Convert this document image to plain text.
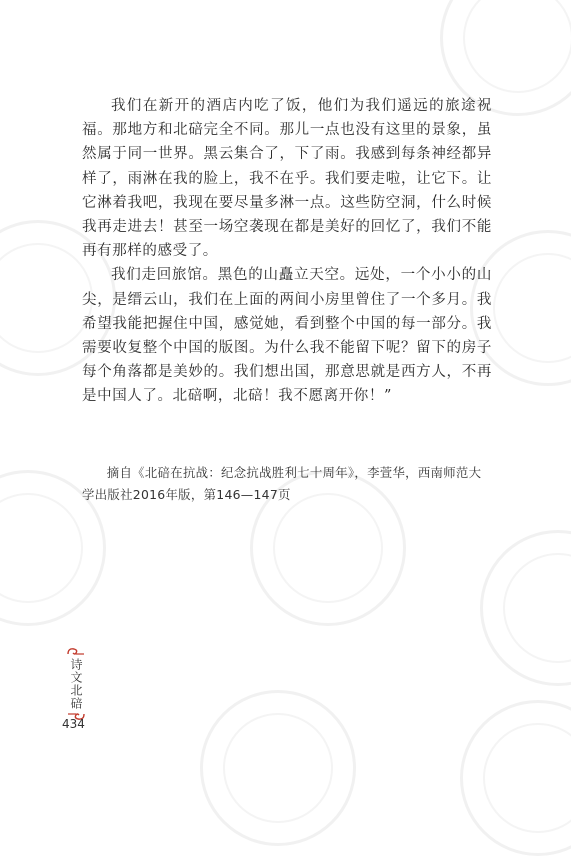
我们在新开的酒店内吃了饭，他们为我们遥远的旅途祝福。那地方和北碚完全不同。那儿一点也没有这里的景象，虽然属于同一世界。黑云集合了，下了雨。我感到每条神经都异样了，雨淋在我的脸上，我不在乎。我们要走啦，让它下。让它淋着我吧，我现在要尽量多淋一点。这些防空洞，什么时候我再走进去！甚至一场空袭现在都是美好的回忆了，我们不能再有那样的感受了。

我们走回旅馆。黑色的山矗立天空。远处，一个小小的山尖，是缙云山，我们在上面的两间小房里曾住了一个多月。我希望我能把握住中国，感觉她，看到整个中国的每一部分。我需要收复整个中国的版图。为什么我不能留下呢？留下的房子每个角落都是美妙的。我们想出国，那意思就是西方人，不再是中国人了。北碚啊，北碚！我不愿离开你！”

摘自《北碚在抗战：纪念抗战胜利七十周年》，李萱华，西南师范大学出版社2016年版，第146—147页

诗文北碚
434
